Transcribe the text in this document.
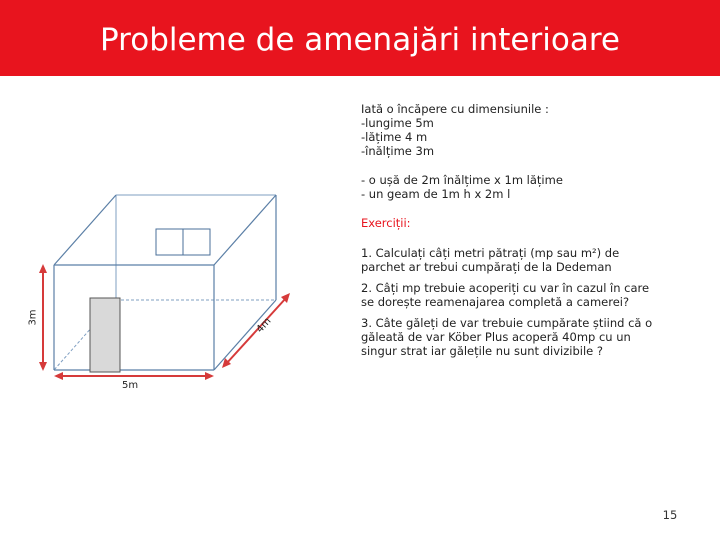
Probleme de amenajări interioare
3m
5m
4m
Iată o încăpere cu dimensiunile :
-lungime 5m
-lățime 4 m
-înălțime 3m
- o ușă de 2m înălțime x 1m lățime
- un geam de 1m h x 2m l
Exerciții:
1. Calculați câți metri pătrați (mp sau m²) de
parchet ar trebui cumpărați de la Dedeman
2. Câți mp trebuie acoperiți cu var în cazul în care
se dorește reamenajarea completă a camerei?
3. Câte găleți de var trebuie cumpărate știind că o
găleată de var Köber Plus acoperă 40mp cu un
singur strat iar gălețile nu sunt divizibile ?
15
